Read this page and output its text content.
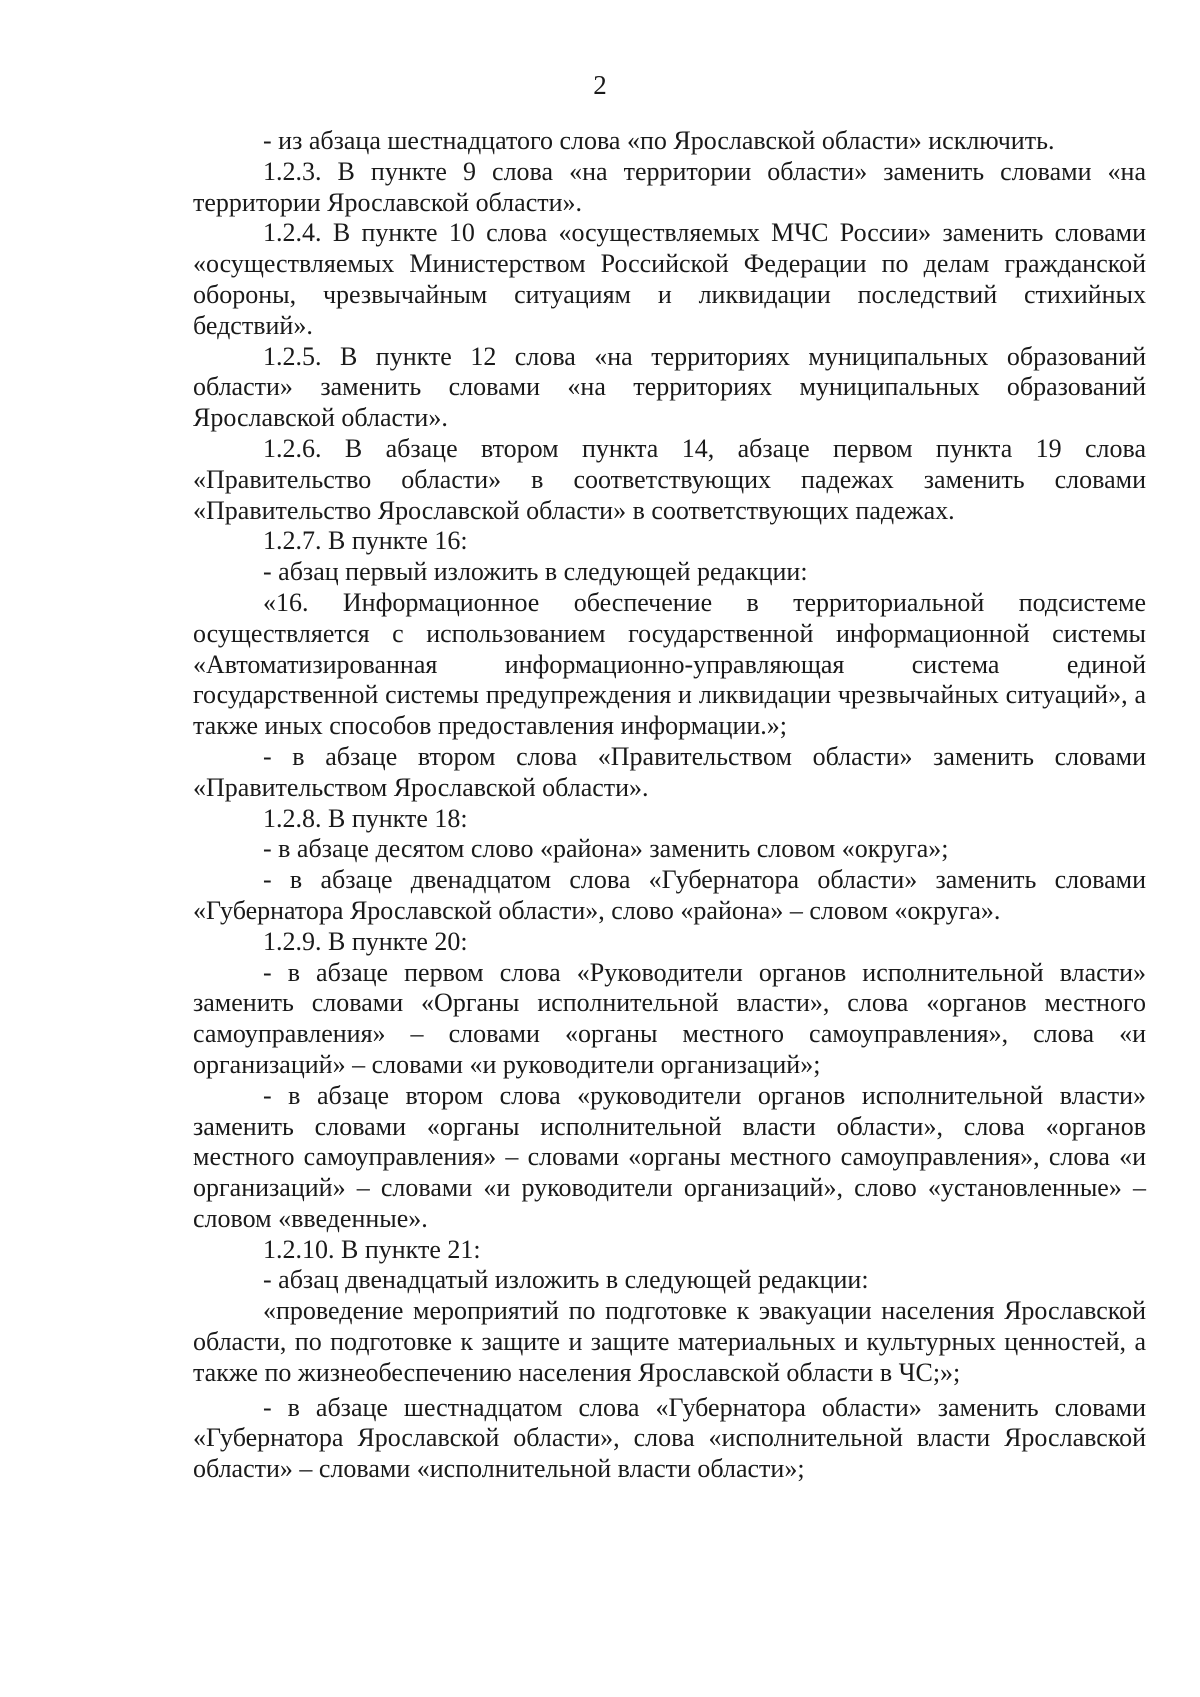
2

- из абзаца шестнадцатого слова «по Ярославской области» исключить.

1.2.3. В пункте 9 слова «на территории области» заменить словами «на территории Ярославской области».

1.2.4. В пункте 10 слова «осуществляемых МЧС России» заменить словами «осуществляемых Министерством Российской Федерации по делам гражданской обороны, чрезвычайным ситуациям и ликвидации последствий стихийных бедствий».

1.2.5. В пункте 12 слова «на территориях муниципальных образований области» заменить словами «на территориях муниципальных образований Ярославской области».

1.2.6. В абзаце втором пункта 14, абзаце первом пункта 19 слова «Правительство области» в соответствующих падежах заменить словами «Правительство Ярославской области» в соответствующих падежах.

1.2.7. В пункте 16:

- абзац первый изложить в следующей редакции:

«16. Информационное обеспечение в территориальной подсистеме осуществляется с использованием государственной информационной системы «Автоматизированная информационно-управляющая система единой государственной системы предупреждения и ликвидации чрезвычайных ситуаций», а также иных способов предоставления информации.»;

- в абзаце втором слова «Правительством области» заменить словами «Правительством Ярославской области».

1.2.8. В пункте 18:

- в абзаце десятом слово «района» заменить словом «округа»;

- в абзаце двенадцатом слова «Губернатора области» заменить словами «Губернатора Ярославской области», слово «района» – словом «округа».

1.2.9. В пункте 20:

- в абзаце первом слова «Руководители органов исполнительной власти» заменить словами «Органы исполнительной власти», слова «органов местного самоуправления» – словами «органы местного самоуправления», слова «и организаций» – словами «и руководители организаций»;

- в абзаце втором слова «руководители органов исполнительной власти» заменить словами «органы исполнительной власти области», слова «органов местного самоуправления» – словами «органы местного самоуправления», слова «и организаций» – словами «и руководители организаций», слово «установленные» – словом «введенные».

1.2.10. В пункте 21:

- абзац двенадцатый изложить в следующей редакции:

«проведение мероприятий по подготовке к эвакуации населения Ярославской области, по подготовке к защите и защите материальных и культурных ценностей, а также по жизнеобеспечению населения Ярославской области в ЧС;»;

- в абзаце шестнадцатом слова «Губернатора области» заменить словами «Губернатора Ярославской области», слова «исполнительной власти Ярославской области» – словами «исполнительной власти области»;
